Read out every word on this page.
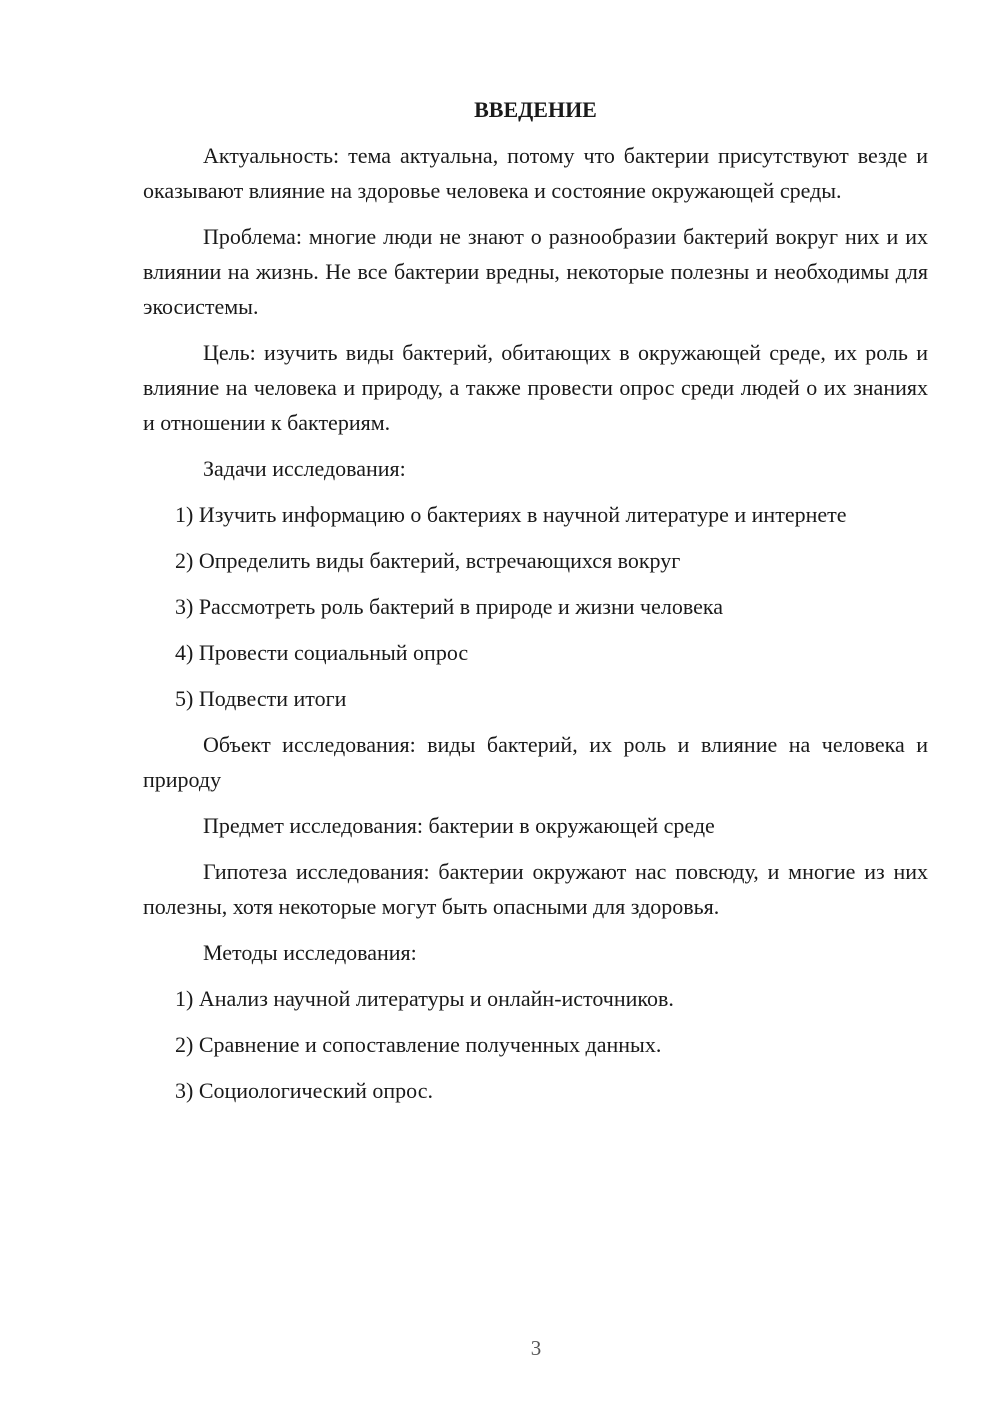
ВВЕДЕНИЕ

Актуальность: тема актуальна, потому что бактерии присутствуют везде и оказывают влияние на здоровье человека и состояние окружающей среды.

Проблема: многие люди не знают о разнообразии бактерий вокруг них и их влиянии на жизнь. Не все бактерии вредны, некоторые полезны и необходимы для экосистемы.

Цель: изучить виды бактерий, обитающих в окружающей среде, их роль и влияние на человека и природу, а также провести опрос среди людей о их знаниях и отношении к бактериям.

Задачи исследования:

1) Изучить информацию о бактериях в научной литературе и интернете

2) Определить виды бактерий, встречающихся вокруг

3) Рассмотреть роль бактерий в природе и жизни человека

4) Провести социальный опрос

5) Подвести итоги

Объект исследования: виды бактерий, их роль и влияние на человека и природу

Предмет исследования: бактерии в окружающей среде

Гипотеза исследования: бактерии окружают нас повсюду, и многие из них полезны, хотя некоторые могут быть опасными для здоровья.

Методы исследования:

1) Анализ научной литературы и онлайн-источников.

2) Сравнение и сопоставление полученных данных.

3) Социологический опрос.

3
